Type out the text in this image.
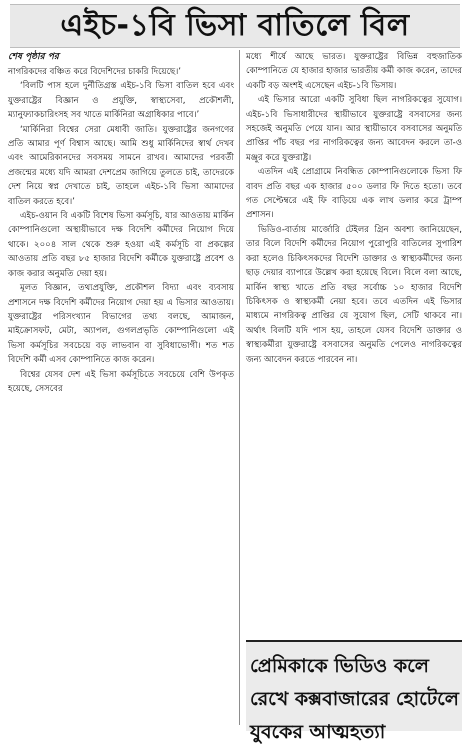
এইচ-১বি ভিসা বাতিলে বিল
শেষ পৃষ্ঠার পর

নাগরিকদের বঞ্চিত করে বিদেশিদের চাকরি দিয়েছে।’

‘বিলটি পাস হলে দুর্নীতিগ্রস্ত এইচ-১বি ভিসা বাতিল হবে এবং যুক্তরাষ্ট্রের বিজ্ঞান ও প্রযুক্তি, স্বাস্থ্যসেবা, প্রকৌশলী, ম্যানুফ্যাকচারিংসহ সব খাতে মার্কিনিরা অগ্রাধিকার পাবে।’

‘মার্কিনিরা বিশ্বের সেরা মেধাবী জাতি। যুক্তরাষ্ট্রের জনগণের প্রতি আমার পূর্ণ বিশ্বাস আছে। আমি শুধু মার্কিনিদের স্বার্থ দেখব এবং আমেরিকানদের সবসময় সামনে রাখব। আমাদের পরবর্তী প্রজন্মের মধ্যে যদি আমরা দেশপ্রেম জাগিয়ে তুলতে চাই, তাদেরকে দেশ নিয়ে স্বপ্ন দেখাতে চাই, তাহলে এইচ-১বি ভিসা আমাদের বাতিল করতে হবে।’

এইচ-ওয়ান বি একটি বিশেষ ভিসা কর্মসূচি, যার আওতায় মার্কিন কোম্পানিগুলো অস্থায়ীভাবে দক্ষ বিদেশি কর্মীদের নিয়োগ দিয়ে থাকে। ২০০৪ সাল থেকে শুরু হওয়া এই কর্মসূচি বা প্রকল্পের আওতায় প্রতি বছর ৮৫ হাজার বিদেশি কর্মীকে যুক্তরাষ্ট্রে প্রবেশ ও কাজ করার অনুমতি দেয়া হয়।

মূলত বিজ্ঞান, তথ্যপ্রযুক্তি, প্রকৌশল বিদ্যা এবং ব্যবসায় প্রশাসনে দক্ষ বিদেশি কর্মীদের নিয়োগ দেয়া হয় এ ভিসার আওতায়। যুক্তরাষ্ট্রের পরিসংখ্যান বিভাগের তথ্য বলছে, আমাজন, মাইক্রোসফট, মেটা, অ্যাপল, গুগলপ্রভৃতি কোম্পানিগুলো এই ভিসা কর্মসূচির সবচেয়ে বড় লাভবান বা সুবিধাভোগী। শত শত বিদেশি কর্মী এসব কোম্পানিতে কাজ করেন।

বিশ্বের যেসব দেশ এই ভিসা কর্মসূচিতে সবচেয়ে বেশি উপকৃত হয়েছে, সেসবের

মধ্যে শীর্ষে আছে ভারত। যুক্তরাষ্ট্রের বিভিন্ন বহুজাতিক কোম্পানিতে যে হাজার হাজার ভারতীয় কর্মী কাজ করেন, তাদের একটি বড় অংশই এসেছেন এইচ-১বি ভিসায়।

এই ভিসার আরো একটি সুবিধা ছিল নাগরিকত্বের সুযোগ। এইচ-১বি ভিসাধারীদের স্থায়ীভাবে যুক্তরাষ্ট্রে বসবাসের জন্য সহজেই অনুমতি পেয়ে যান। আর স্থায়ীভাবে বসবাসের অনুমতি প্রাপ্তির পাঁচ বছর পর নাগরিকত্বের জন্য আবেদন করলে তা-ও মঞ্জুর করে যুক্তরাষ্ট্র।

এতদিন এই প্রোগ্রামে নিবন্ধিত কোম্পানিগুলোকে ভিসা ফি বাবদ প্রতি বছর এক হাজার ৫০০ ডলার ফি দিতে হতো। তবে গত সেপ্টেম্বরে এই ফি বাড়িয়ে এক লাখ ডলার করে ট্রাম্প প্রশাসন।

ভিডিও-বার্তায় মার্জোরি টেইলর গ্রিন অবশ্য জানিয়েছেন, তার বিলে বিদেশি কর্মীদের নিয়োগ পুরোপুরি বাতিলের সুপারিশ করা হলেও চিকিৎসকদের বিদেশি ডাক্তার ও স্বাস্থ্যকর্মীদের জন্য ছাড় দেয়ার ব্যাপারে উল্লেখ করা হয়েছে বিলে। বিলে বলা আছে, মার্কিন স্বাস্থ্য খাতে প্রতি বছর সর্বোচ্চ ১০ হাজার বিদেশি চিকিৎসক ও স্বাস্থ্যকর্মী নেয়া হবে। তবে এতদিন এই ভিসার মাধ্যমে নাগরিকত্ব প্রাপ্তির যে সুযোগ ছিল, সেটি থাকবে না। অর্থাৎ বিলটি যদি পাস হয়, তাহলে যেসব বিদেশি ডাক্তার ও স্বাস্থ্যকর্মীরা যুক্তরাষ্ট্রে বসবাসের অনুমতি পেলেও নাগরিকত্বের জন্য আবেদন করতে পারবেন না।

প্রেমিকাকে ভিডিও কলে রেখে কক্সবাজারের হোটেলে যুবকের আত্মহত্যা
